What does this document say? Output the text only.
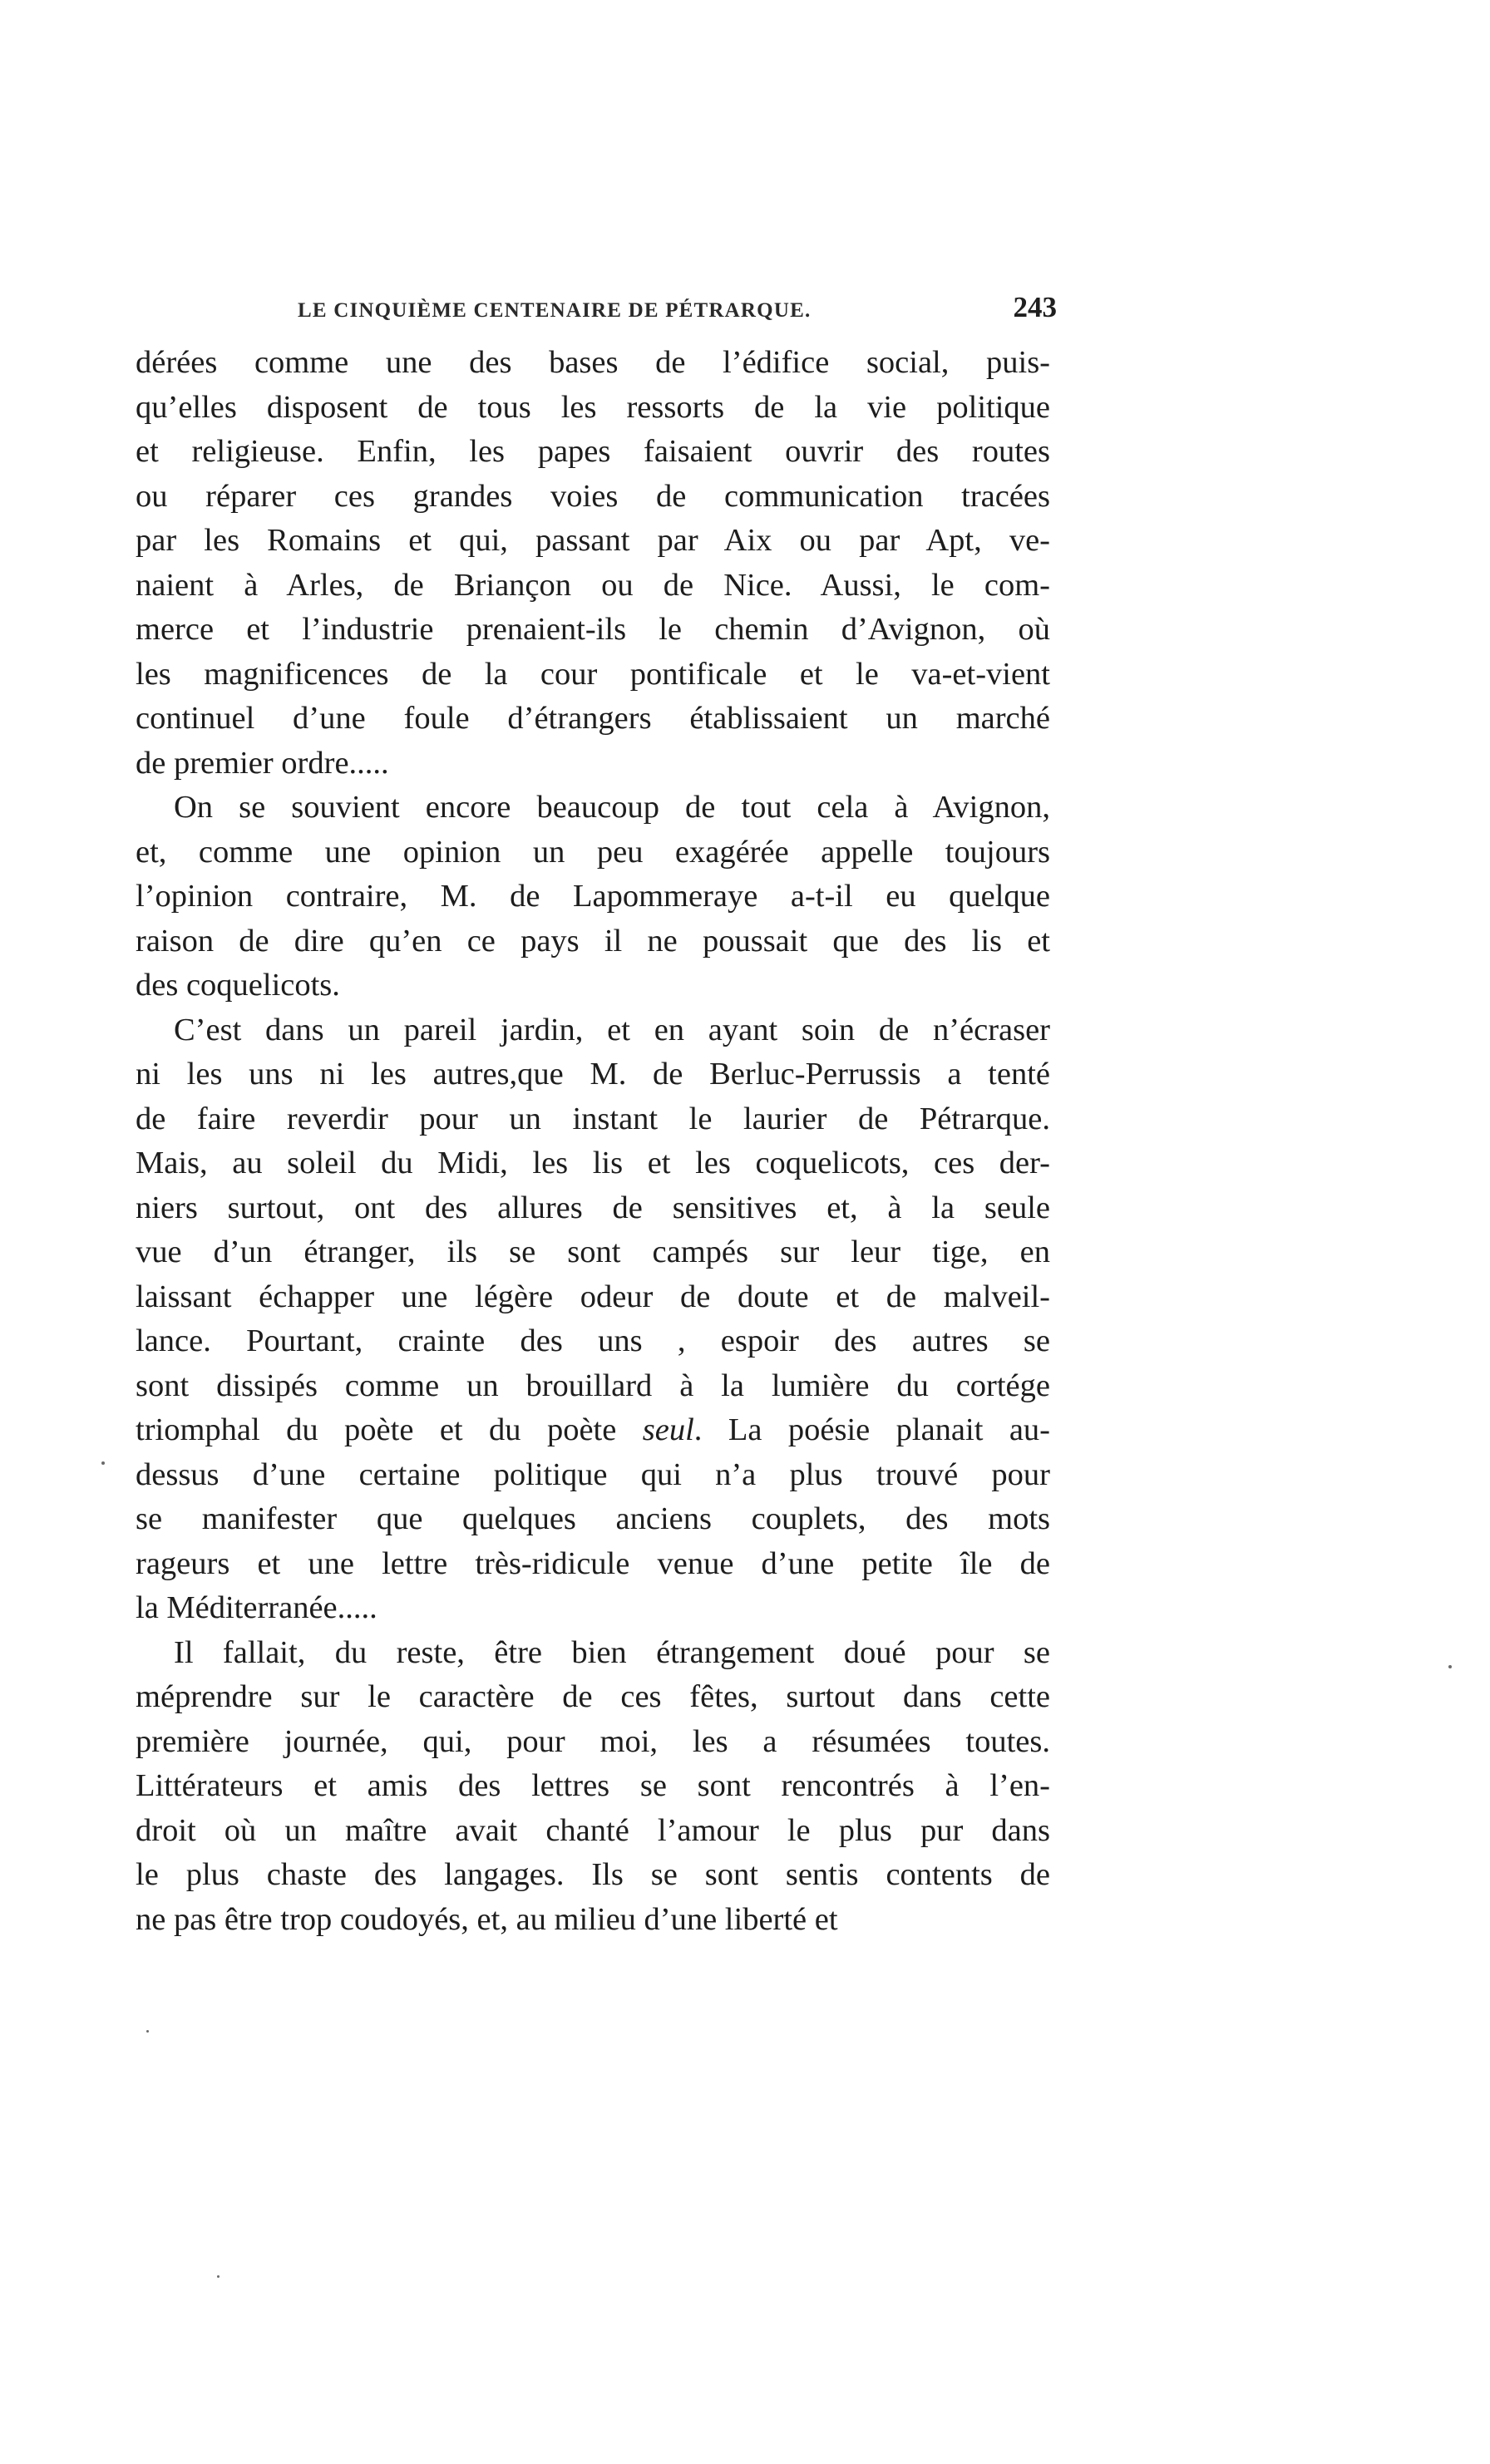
LE CINQUIÈME CENTENAIRE DE PÉTRARQUE.	243
dérées comme une des bases de l’édifice social, puis-
qu’elles disposent de tous les ressorts de la vie politique
et religieuse. Enfin, les papes faisaient ouvrir des routes
ou réparer ces grandes voies de communication tracées
par les Romains et qui, passant par Aix ou par Apt, ve-
naient à Arles, de Briançon ou de Nice. Aussi, le com-
merce et l’industrie prenaient-ils le chemin d’Avignon, où
les magnificences de la cour pontificale et le va-et-vient
continuel d’une foule d’étrangers établissaient un marché
de premier ordre.....
On se souvient encore beaucoup de tout cela à Avignon,
et, comme une opinion un peu exagérée appelle toujours
l’opinion contraire, M. de Lapommeraye a-t-il eu quelque
raison de dire qu’en ce pays il ne poussait que des lis et
des coquelicots.
C’est dans un pareil jardin, et en ayant soin de n’écraser
ni les uns ni les autres,que M. de Berluc-Perrussis a tenté
de faire reverdir pour un instant le laurier de Pétrarque.
Mais, au soleil du Midi, les lis et les coquelicots, ces der-
niers surtout, ont des allures de sensitives et, à la seule
vue d’un étranger, ils se sont campés sur leur tige, en
laissant échapper une légère odeur de doute et de malveil-
lance. Pourtant, crainte des uns , espoir des autres se
sont dissipés comme un brouillard à la lumière du cortége
triomphal du poète et du poète seul. La poésie planait au-
dessus d’une certaine politique qui n’a plus trouvé pour
se manifester que quelques anciens couplets, des mots
rageurs et une lettre très-ridicule venue d’une petite île de
la Méditerranée.....
Il fallait, du reste, être bien étrangement doué pour se
méprendre sur le caractère de ces fêtes, surtout dans cette
première journée, qui, pour moi, les a résumées toutes.
Littérateurs et amis des lettres se sont rencontrés à l’en-
droit où un maître avait chanté l’amour le plus pur dans
le plus chaste des langages. Ils se sont sentis contents de
ne pas être trop coudoyés, et, au milieu d’une liberté et
